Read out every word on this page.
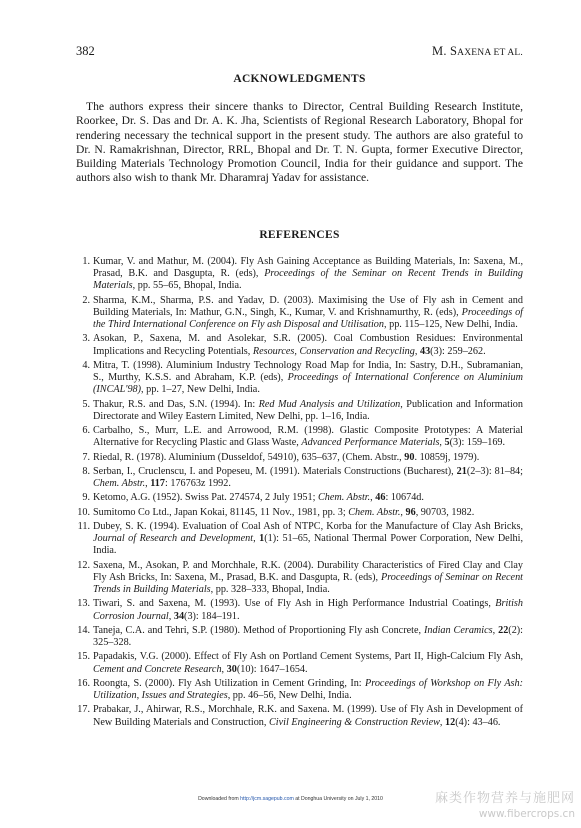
382	M. SAXENA ET AL.
ACKNOWLEDGMENTS

The authors express their sincere thanks to Director, Central Building Research Institute, Roorkee, Dr. S. Das and Dr. A. K. Jha, Scientists of Regional Research Laboratory, Bhopal for rendering necessary the technical support in the present study. The authors are also grateful to Dr. N. Ramakrishnan, Director, RRL, Bhopal and Dr. T. N. Gupta, former Executive Director, Building Materials Technology Promotion Council, India for their guidance and support. The authors also wish to thank Mr. Dharamraj Yadav for assistance.

REFERENCES
1 . Kumar, V. and Mathur, M. (2004). Fly Ash Gaining Acceptance as Building Materials, In: Saxena, M., Prasad, B.K. and Dasgupta, R. (eds), Proceedings of the Seminar on Recent Trends in Building Materials, pp. 55–65, Bhopal, India.
2 . Sharma, K.M., Sharma, P.S. and Yadav, D. (2003). Maximising the Use of Fly ash in Cement and Building Materials, In: Mathur, G.N., Singh, K., Kumar, V. and Krishnamurthy, R. (eds), Proceedings of the Third International Conference on Fly ash Disposal and Utilisation, pp. 115–125, New Delhi, India.
3 . Asokan, P., Saxena, M. and Asolekar, S.R. (2005). Coal Combustion Residues: Environmental Implications and Recycling Potentials, Resources, Conservation and Recycling, 43(3): 259–262.
4 . Mitra, T. (1998). Aluminium Industry Technology Road Map for India, In: Sastry, D.H., Subramanian, S., Murthy, K.S.S. and Abraham, K.P. (eds), Proceedings of International Conference on Aluminium (INCAL'98), pp. 1–27, New Delhi, India.
5 . Thakur, R.S. and Das, S.N. (1994). In: Red Mud Analysis and Utilization, Publication and Information Directorate and Wiley Eastern Limited, New Delhi, pp. 1–16, India.
6 . Carbalho, S., Murr, L.E. and Arrowood, R.M. (1998). Glastic Composite Prototypes: A Material Alternative for Recycling Plastic and Glass Waste, Advanced Performance Materials, 5(3): 159–169.
7 . Riedal, R. (1978). Aluminium (Dusseldof, 54910), 635–637, (Chem. Abstr., 90. 10859j, 1979).
8 . Serban, I., Cruclenscu, I. and Popeseu, M. (1991). Materials Constructions (Bucharest), 21(2–3): 81–84; Chem. Abstr., 117: 176763z 1992.
9 . Ketomo, A.G. (1952). Swiss Pat. 274574, 2 July 1951; Chem. Abstr., 46: 10674d.
10 . Sumitomo Co Ltd., Japan Kokai, 81145, 11 Nov., 1981, pp. 3; Chem. Abstr., 96, 90703, 1982.
11 . Dubey, S. K. (1994). Evaluation of Coal Ash of NTPC, Korba for the Manufacture of Clay Ash Bricks, Journal of Research and Development, 1(1): 51–65, National Thermal Power Corporation, New Delhi, India.
12 . Saxena, M., Asokan, P. and Morchhale, R.K. (2004). Durability Characteristics of Fired Clay and Clay Fly Ash Bricks, In: Saxena, M., Prasad, B.K. and Dasgupta, R. (eds), Proceedings of Seminar on Recent Trends in Building Materials, pp. 328–333, Bhopal, India.
13 . Tiwari, S. and Saxena, M. (1993). Use of Fly Ash in High Performance Industrial Coatings, British Corrosion Journal, 34(3): 184–191.
14 . Taneja, C.A. and Tehri, S.P. (1980). Method of Proportioning Fly ash Concrete, Indian Ceramics, 22(2): 325–328.
15 . Papadakis, V.G. (2000). Effect of Fly Ash on Portland Cement Systems, Part II, High-Calcium Fly Ash, Cement and Concrete Research, 30(10): 1647–1654.
16 . Roongta, S. (2000). Fly Ash Utilization in Cement Grinding, In: Proceedings of Workshop on Fly Ash: Utilization, Issues and Strategies, pp. 46–56, New Delhi, India.
17 . Prabakar, J., Ahirwar, R.S., Morchhale, R.K. and Saxena. M. (1999). Use of Fly Ash in Development of New Building Materials and Construction, Civil Engineering & Construction Review, 12(4): 43–46.
Downloaded from http://jcm.sagepub.com at Donghua University on July 1, 2010	麻类作物营养与施肥网
www.fibercrops.cn
